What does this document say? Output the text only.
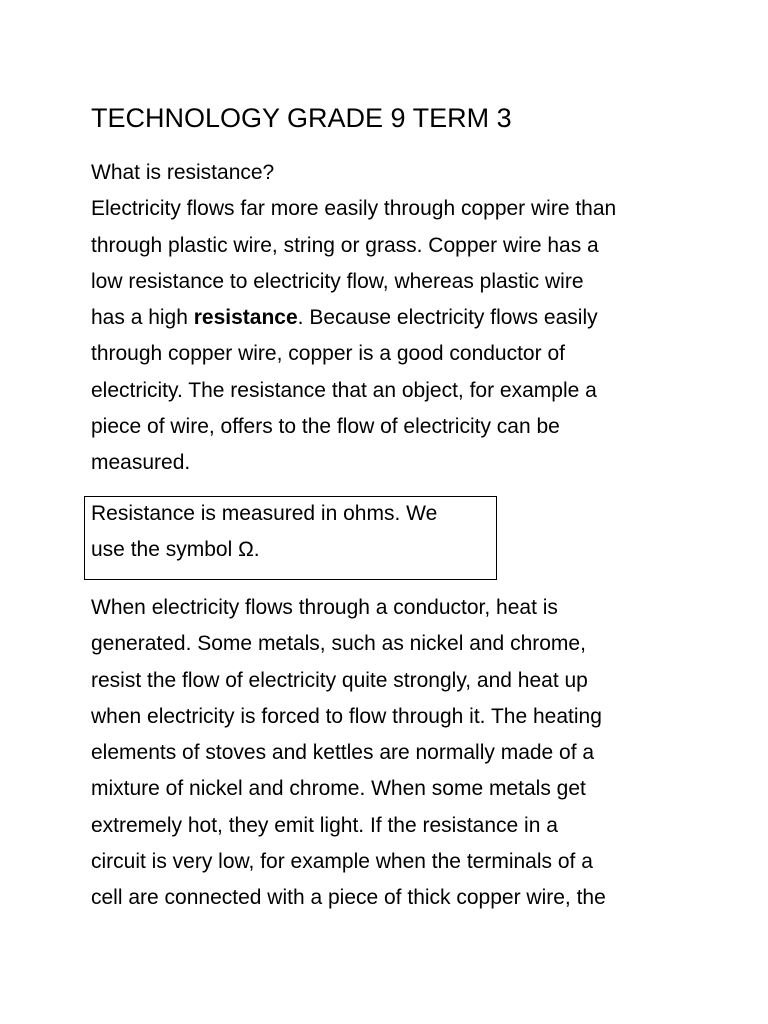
TECHNOLOGY GRADE 9 TERM 3
What is resistance?
Electricity flows far more easily through copper wire than
through plastic wire, string or grass. Copper wire has a
low resistance to electricity flow, whereas plastic wire
has a high resistance. Because electricity flows easily
through copper wire, copper is a good conductor of
electricity. The resistance that an object, for example a
piece of wire, offers to the flow of electricity can be
measured.
Resistance is measured in ohms. We
use the symbol Ω.
When electricity flows through a conductor, heat is
generated. Some metals, such as nickel and chrome,
resist the flow of electricity quite strongly, and heat up
when electricity is forced to flow through it. The heating
elements of stoves and kettles are normally made of a
mixture of nickel and chrome. When some metals get
extremely hot, they emit light. If the resistance in a
circuit is very low, for example when the terminals of a
cell are connected with a piece of thick copper wire, the
